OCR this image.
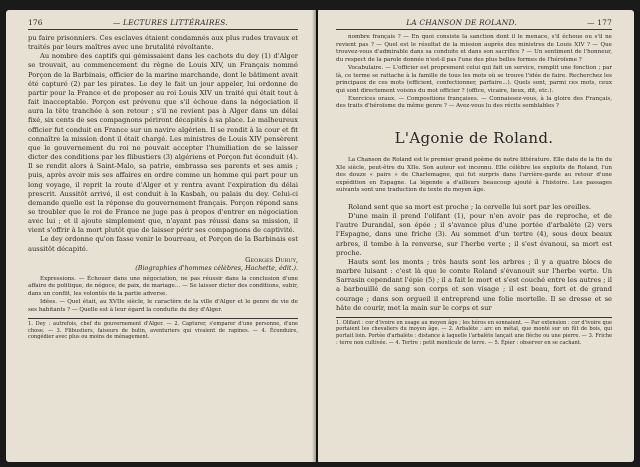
176	— LECTURES LITTÉRAIRES.

pu faire prisonniers. Ces esclaves étaient condamnés aux plus rudes travaux et traités par leurs maîtres avec une brutalité révoltante.

Au nombre des captifs qui gémissaient dans les cachots du dey (1) d'Alger se trouvait, au commencement du règne de Louis XIV, un Français nommé Porçon de la Barbinais, officier de la marine marchande, dont le bâtiment avait été capturé (2) par les pirates. Le dey le fait un jour appeler, lui ordonne de partir pour la France et de proposer au roi Louis XIV un traité qui était tout à fait inacceptable. Porçon est prévenu que s'il échoue dans la négociation il aura la tête tranchée à son retour ; s'il ne revient pas à Alger dans un délai fixé, six cents de ses compagnons périront décapités à sa place. Le malheureux officier fut conduit en France sur un navire algérien. Il se rendit à la cour et fit connaître la mission dont il était chargé. Les ministres de Louis XIV pensèrent que le gouvernement du roi ne pouvait accepter l'humiliation de se laisser dicter des conditions par les flibustiers (3) algériens et Porçon fut éconduit (4). Il se rendit alors à Saint-Malo, sa patrie, embrassa ses parents et ses amis ; puis, après avoir mis ses affaires en ordre comme un homme qui part pour un long voyage, il reprit la route d'Alger et y rentra avant l'expiration du délai prescrit. Aussitôt arrivé, il est conduit à la Kasbah, ou palais du dey. Celui-ci demande quelle est la réponse du gouvernement français. Porçon répond sans se troubler que le roi de France ne juge pas à propos d'entrer en négociation avec lui ; et il ajoute simplement que, n'ayant pas réussi dans sa mission, il vient s'offrir à la mort plutôt que de laisser périr ses compagnons de captivité.

Le dey ordonne qu'on fasse venir le bourreau, et Porçon de la Barbinais est aussitôt décapité.

Georges Duruy,
(Biographies d'hommes célèbres, Hachette, édit.).

Expressions. — Échouer dans une négociation, ne pas réussir dans la conclusion d'une affaire de politique, de négoce, de paix, de mariage... — Se laisser dicter des conditions, subir, dans un conflit, les volontés de la partie adverse.

Idées. — Quel était, au XVIIe siècle, le caractère de la ville d'Alger et le genre de vie de ses habitants ? — Quelle est à leur égard la conduite du dey d'Alger.

1. Dey : autrefois, chef du gouvernement d'Alger. — 2. Capturer, s'emparer d'une personne, d'une chose. — 3. Flibustiers, faiseurs de butin, aventuriers qui vivaient de rapines. — 4. Éconduire, congédier avec plus ou moins de ménagement.
LA CHANSON DE ROLAND.	— 177

nombre français ? — En quoi consiste la sanction dont il le menace, s'il échoue ou s'il ne revient pas ? — Quel est le résultat de la mission auprès des ministres de Louis XIV ? — Que trouvez-vous d'admirable dans sa conduite et dans son sacrifice ? — Un sentiment de l'honneur, du respect de la parole donnée n'est-il pas l'une des plus belles formes de l'héroïsme ?

Vocabulaire. — L'officier est proprement celui qui fait un service, remplit une fonction ; par là, ce terme se rattache à la famille de tous les mots où se trouve l'idée de faire. Recherchez les principaux de ces mots (efficient, confectionner, parfaire...). Quels sont, parmi ces mots, ceux qui sont directement voisins du mot officier ? (office, vicaire, lieux, dit, etc.).

Exercices oraux. — Compositions françaises. — Connaissez-vous, à la gloire des Français, des traits d'héroïsme du même genre ? — Avez-vous lu des récits semblables ?

L'Agonie de Roland.

La Chanson de Roland est le premier grand poème de notre littérature. Elle date de la fin du XIe siècle, peut-être du XIIe. Son auteur est inconnu. Elle célèbre les exploits de Roland, l'un des douze « pairs » de Charlemagne, qui fut surpris dans l'arrière-garde au retour d'une expédition en Espagne. La légende a d'ailleurs beaucoup ajouté à l'histoire. Les passages suivants sont une traduction du texte du moyen âge.

Roland sent que sa mort est proche ; la cervelle lui sort par les oreilles.

D'une main il prend l'olifant (1), pour n'en avoir pas de reproche, et de l'autre Durandal, son épée ; il s'avance plus d'une portée d'arbalète (2) vers l'Espagne, dans une friche (3). Au sommet d'un tertre (4), sous deux beaux arbres, il tombe à la renverse, sur l'herbe verte ; il s'est évanoui, sa mort est proche.

Hauts sont les monts ; très hauts sont les arbres ; il y a quatre blocs de marbre luisant : c'est là que le comte Roland s'évanouit sur l'herbe verte. Un Sarrasin cependant l'épie (5) ; il a fait le mort et s'est couché entre les autres ; il a barbouillé de sang son corps et son visage ; il est beau, fort et de grand courage ; dans son orgueil il entreprend une folie mortelle. Il se dresse et se hâte de courir, met la main sur le corps et sur

1. Olifant : cor d'ivoire en usage au moyen âge ; les héros en sonnaient. — Par extension : cor d'ivoire que portaient les chevaliers du moyen âge. — 2. Arbalète : arc en métal, que monté sur un fût de bois, qui portait loin. Portée d'arbalète : distance à laquelle l'arbalète lançait une flèche ou une pierre. — 3. Friche : terre non cultivée. — 4. Tertre : petit monticule de terre. — 5. Épier : observer en se cachant.
